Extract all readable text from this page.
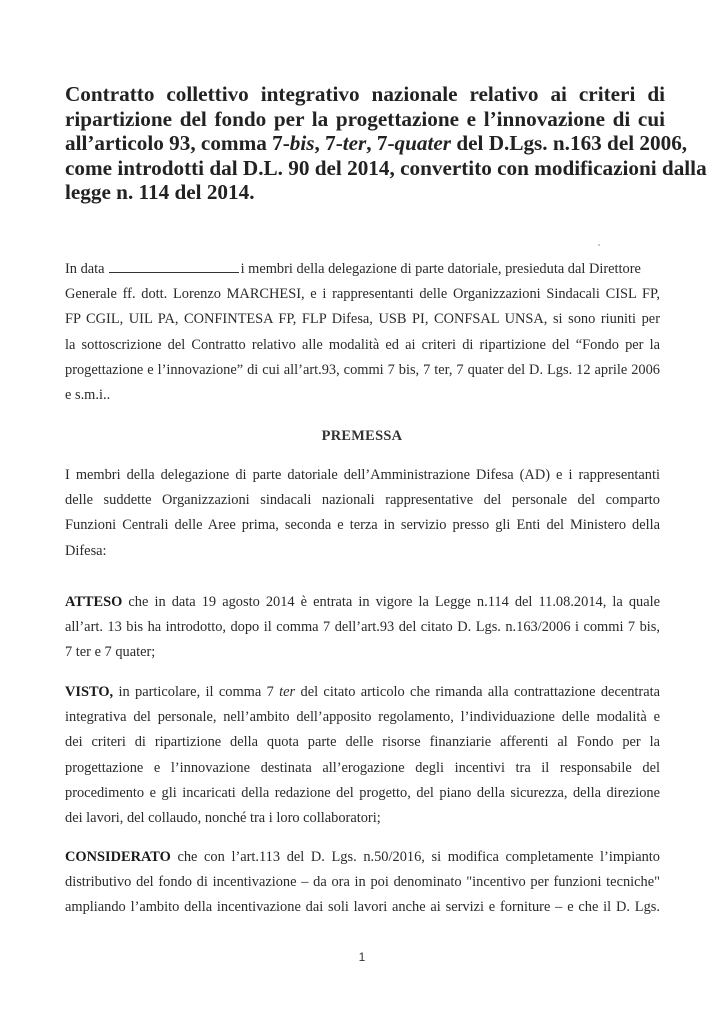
Contratto collettivo integrativo nazionale relativo ai criteri di
ripartizione del fondo per la progettazione e l’innovazione di cui
all’articolo 93, comma 7-bis, 7-ter, 7-quater del D.Lgs. n.163 del 2006,
come introdotti dal D.L. 90 del 2014, convertito con modificazioni dalla
legge n. 114 del 2014.
In data	i membri della delegazione di parte datoriale, presieduta dal Direttore
Generale ff. dott. Lorenzo MARCHESI, e i rappresentanti delle Organizzazioni Sindacali CISL FP,
FP CGIL, UIL PA, CONFINTESA FP, FLP Difesa, USB PI, CONFSAL UNSA, si sono riuniti per
la sottoscrizione del Contratto relativo alle modalità ed ai criteri di ripartizione del “Fondo per la
progettazione e l’innovazione” di cui all’art.93, commi 7 bis, 7 ter, 7 quater del D. Lgs. 12 aprile 2006
e s.m.i..
PREMESSA
I membri della delegazione di parte datoriale dell’Amministrazione Difesa (AD) e i rappresentanti
delle suddette Organizzazioni sindacali nazionali rappresentative del personale del comparto
Funzioni Centrali delle Aree prima, seconda e terza in servizio presso gli Enti del Ministero della
Difesa:
ATTESO che in data 19 agosto 2014 è entrata in vigore la Legge n.114 del 11.08.2014, la quale
all’art. 13 bis ha introdotto, dopo il comma 7 dell’art.93 del citato D. Lgs. n.163/2006 i commi 7 bis,
7 ter e 7 quater;
VISTO, in particolare, il comma 7 ter del citato articolo che rimanda alla contrattazione decentrata
integrativa del personale, nell’ambito dell’apposito regolamento, l’individuazione delle modalità e
dei criteri di ripartizione della quota parte delle risorse finanziarie afferenti al Fondo per la
progettazione e l’innovazione destinata all’erogazione degli incentivi tra il responsabile del
procedimento e gli incaricati della redazione del progetto, del piano della sicurezza, della direzione
dei lavori, del collaudo, nonché tra i loro collaboratori;
CONSIDERATO che con l’art.113 del D. Lgs. n.50/2016, si modifica completamente l’impianto
distributivo del fondo di incentivazione – da ora in poi denominato "incentivo per funzioni tecniche"
ampliando l’ambito della incentivazione dai soli lavori anche ai servizi e forniture – e che il D. Lgs.
1
